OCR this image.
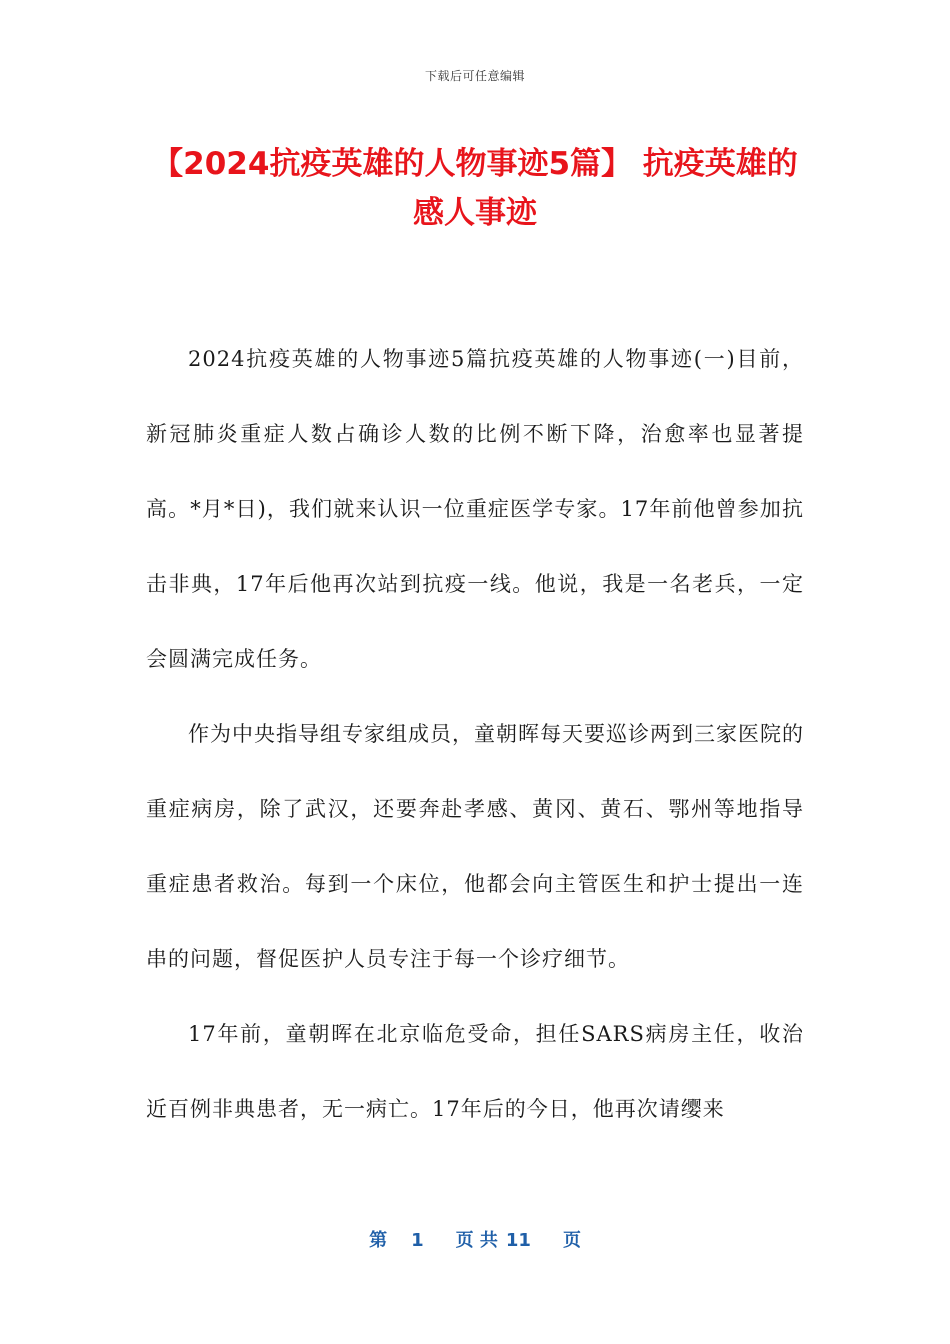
下载后可任意编辑
【2024抗疫英雄的人物事迹5篇】 抗疫英雄的感人事迹

2024抗疫英雄的人物事迹5篇抗疫英雄的人物事迹(一)目前，新冠肺炎重症人数占确诊人数的比例不断下降，治愈率也显著提高。*月*日)，我们就来认识一位重症医学专家。17年前他曾参加抗击非典，17年后他再次站到抗疫一线。他说，我是一名老兵，一定会圆满完成任务。

作为中央指导组专家组成员，童朝晖每天要巡诊两到三家医院的重症病房，除了武汉，还要奔赴孝感、黄冈、黄石、鄂州等地指导重症患者救治。每到一个床位，他都会向主管医生和护士提出一连串的问题，督促医护人员专注于每一个诊疗细节。

17年前，童朝晖在北京临危受命，担任SARS病房主任，收治近百例非典患者，无一病亡。17年后的今日，他再次请缨来

第 1 页 共 11 页
